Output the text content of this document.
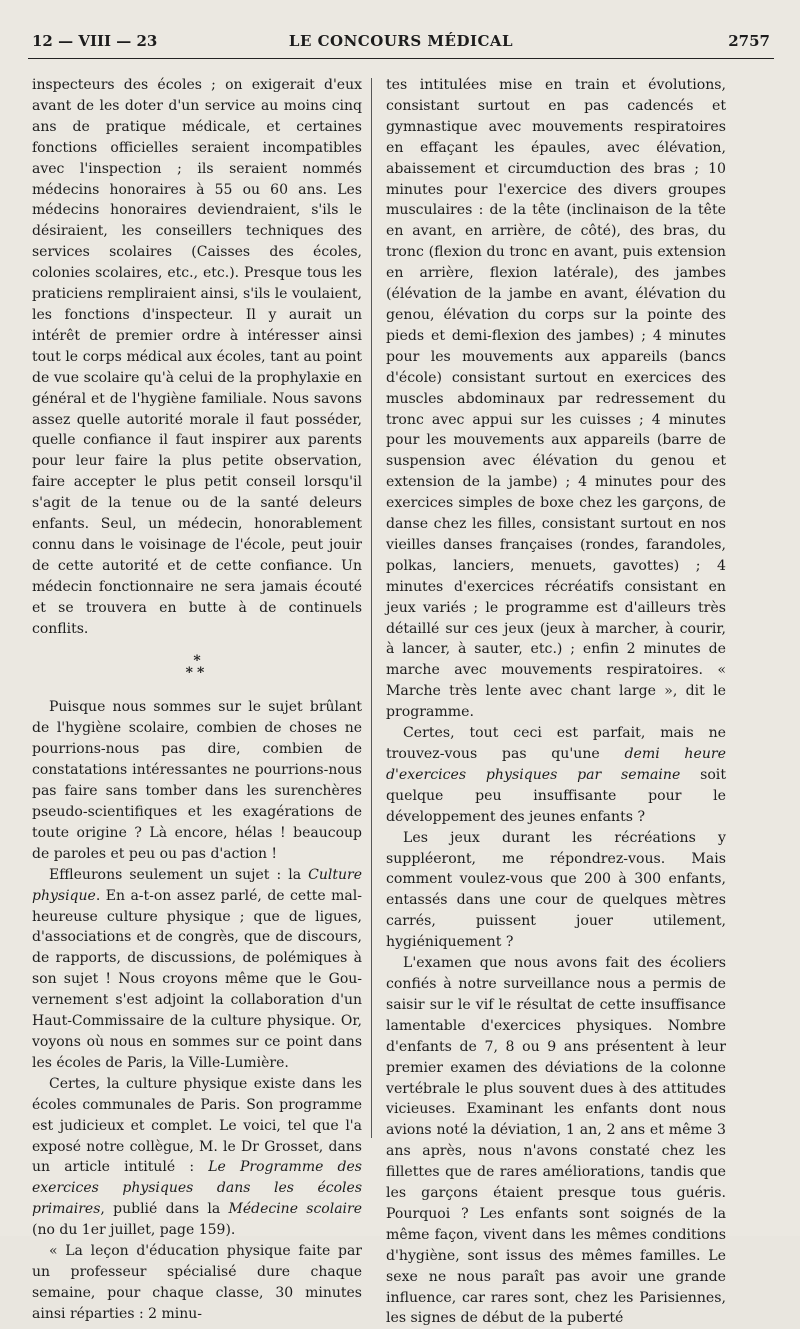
12 — VIII — 23	LE CONCOURS MÉDICAL	2757

inspecteurs des écoles ; on exigerait d'eux avant de les doter d'un service au moins cinq ans de pratique médicale, et certaines fonctions officielles seraient incompatibles avec l'inspection ; ils seraient nommés médecins honoraires à 55 ou 60 ans. Les médecins honoraires deviendraient, s'ils le désiraient, les conseillers techniques des services scolaires (Caisses des écoles, colonies scolaires, etc., etc.). Presque tous les praticiens rempliraient ainsi, s'ils le voulaient, les fonctions d'inspecteur. Il y aurait un intérêt de premier ordre à intéresser ainsi tout le corps médical aux écoles, tant au point de vue scolaire qu'à celui de la prophylaxie en général et de l'hygiène familiale. Nous savons assez quelle autorité morale il faut posséder, quelle confiance il faut inspirer aux parents pour leur faire la plus petite observation, faire accepter le plus petit conseil lorsqu'il s'agit de la tenue ou de la santé deleurs enfants. Seul, un médecin, honorablement connu dans le voisinage de l'école, peut jouir de cette autorité et de cette confiance. Un médecin fonctionnaire ne sera jamais écouté et se trouvera en butte à de continuels conflits.

*
**

Puisque nous sommes sur le sujet brûlant de l'hygiène scolaire, combien de choses ne pourrions-nous pas dire, combien de constatations intéressantes ne pourrions-nous pas faire sans tomber dans les surenchères pseudo-scientifiques et les exagérations de toute origine ? Là encore, hélas ! beaucoup de paroles et peu ou pas d'action !

Effleurons seulement un sujet : la Culture physique. En a-t-on assez parlé, de cette malheureuse culture physique ; que de ligues, d'associations et de congrès, que de discours, de rapports, de discussions, de polémiques à son sujet ! Nous croyons même que le Gouvernement s'est adjoint la collaboration d'un Haut-Commissaire de la culture physique. Or, voyons où nous en sommes sur ce point dans les écoles de Paris, la Ville-Lumière.

Certes, la culture physique existe dans les écoles communales de Paris. Son programme est judicieux et complet. Le voici, tel que l'a exposé notre collègue, M. le Dr Grosset, dans un article intitulé : Le Programme des exercices physiques dans les écoles primaires, publié dans la Médecine scolaire (no du 1er juillet, page 159).

« La leçon d'éducation physique faite par un professeur spécialisé dure chaque semaine, pour chaque classe, 30 minutes ainsi réparties : 2 minu-

tes intitulées mise en train et évolutions, consistant surtout en pas cadencés et gymnastique avec mouvements respiratoires en effaçant les épaules, avec élévation, abaissement et circumduction des bras ; 10 minutes pour l'exercice des divers groupes musculaires : de la tête (inclinaison de la tête en avant, en arrière, de côté), des bras, du tronc (flexion du tronc en avant, puis extension en arrière, flexion latérale), des jambes (élévation de la jambe en avant, élévation du genou, élévation du corps sur la pointe des pieds et demi-flexion des jambes) ; 4 minutes pour les mouvements aux appareils (bancs d'école) consistant surtout en exercices des muscles abdominaux par redressement du tronc avec appui sur les cuisses ; 4 minutes pour les mouvements aux appareils (barre de suspension avec élévation du genou et extension de la jambe) ; 4 minutes pour des exercices simples de boxe chez les garçons, de danse chez les filles, consistant surtout en nos vieilles danses françaises (rondes, farandoles, polkas, lanciers, menuets, gavottes) ; 4 minutes d'exercices récréatifs consistant en jeux variés ; le programme est d'ailleurs très détaillé sur ces jeux (jeux à marcher, à courir, à lancer, à sauter, etc.) ; enfin 2 minutes de marche avec mouvements respiratoires. « Marche très lente avec chant large », dit le programme.

Certes, tout ceci est parfait, mais ne trouvez-vous pas qu'une demi heure d'exercices physiques par semaine soit quelque peu insuffisante pour le développement des jeunes enfants ?

Les jeux durant les récréations y suppléeront, me répondrez-vous. Mais comment voulez-vous que 200 à 300 enfants, entassés dans une cour de quelques mètres carrés, puissent jouer utilement, hygiéniquement ?

L'examen que nous avons fait des écoliers confiés à notre surveillance nous a permis de saisir sur le vif le résultat de cette insuffisance lamentable d'exercices physiques. Nombre d'enfants de 7, 8 ou 9 ans présentent à leur premier examen des déviations de la colonne vertébrale le plus souvent dues à des attitudes vicieuses. Examinant les enfants dont nous avions noté la déviation, 1 an, 2 ans et même 3 ans après, nous n'avons constaté chez les fillettes que de rares améliorations, tandis que les garçons étaient presque tous guéris. Pourquoi ? Les enfants sont soignés de la même façon, vivent dans les mêmes conditions d'hygiène, sont issus des mêmes familles. Le sexe ne nous paraît pas avoir une grande influence, car rares sont, chez les Parisiennes, les signes de début de la puberté
